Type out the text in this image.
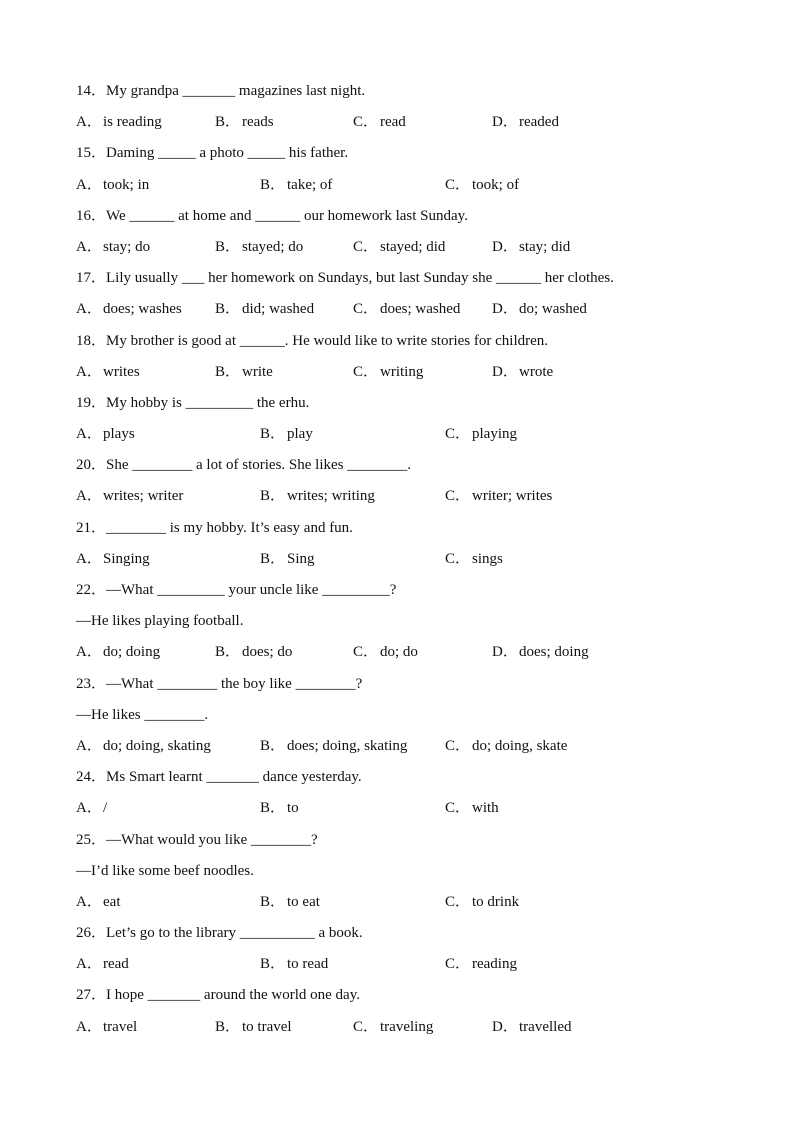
14．My grandpa _______ magazines last night.
A．is reading	B． reads	C． read	D．readed
15．Daming _____ a photo _____ his father.
A．took; in	B． take; of	C． took; of
16．We ______ at home and ______ our homework last Sunday.
A．stay; do	B． stayed; do	C． stayed; did	D．stay; did
17．Lily usually ___ her homework on Sundays, but last Sunday she ______ her clothes.
A．does; washes B． did; washed	C． does; washed D．do; washed
18．My brother is good at ______. He would like to write stories for children.
A．writes	B． write	C． writing	D．wrote
19．My hobby is _________ the erhu.
A．plays	B． play	C． playing
20．She ________ a lot of stories. She likes ________.
A．writes; writer	B． writes; writing	C． writer; writes
21．________ is my hobby. It’s easy and fun.
A．Singing	B． Sing	C． sings
22．—What _________ your uncle like _________?
—He likes playing football.
A．do; doing	B． does; do	C． do; do	D．does; doing
23．—What ________ the boy like ________?
—He likes ________.
A．do; doing, skating	B． does; doing, skating	C． do; doing, skate
24．Ms Smart learnt _______ dance yesterday.
A．/	B． to	C． with
25．—What would you like ________?
—I’d like some beef noodles.
A．eat	B． to eat	C． to drink
26．Let’s go to the library __________ a book.
A．read	B． to read	C． reading
27．I hope _______ around the world one day.
A．travel	B． to travel	C． traveling	D．travelled
